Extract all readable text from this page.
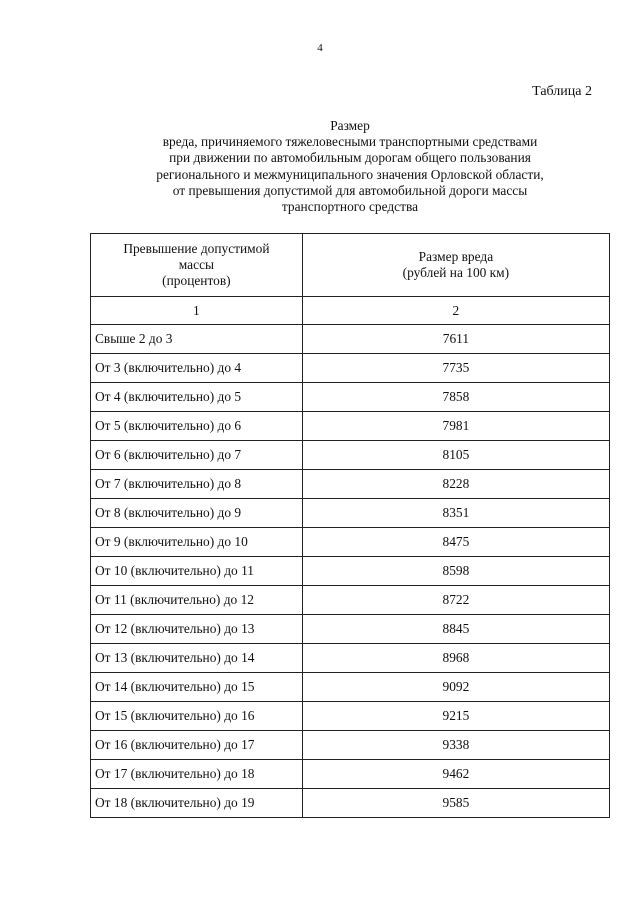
4
Таблица 2
Размер
вреда, причиняемого тяжеловесными транспортными средствами
при движении по автомобильным дорогам общего пользования
регионального и межмуниципального значения Орловской области,
от превышения допустимой для автомобильной дороги массы
транспортного средства
Превышение допустимой
массы
(процентов)	Размер вреда
(рублей на 100 км)

1	2
Свыше 2 до 3	7611
От 3 (включительно) до 4	7735
От 4 (включительно) до 5	7858
От 5 (включительно) до 6	7981
От 6 (включительно) до 7	8105
От 7 (включительно) до 8	8228
От 8 (включительно) до 9	8351
От 9 (включительно) до 10	8475
От 10 (включительно) до 11	8598
От 11 (включительно) до 12	8722
От 12 (включительно) до 13	8845
От 13 (включительно) до 14	8968
От 14 (включительно) до 15	9092
От 15 (включительно) до 16	9215
От 16 (включительно) до 17	9338
От 17 (включительно) до 18	9462
От 18 (включительно) до 19	9585
